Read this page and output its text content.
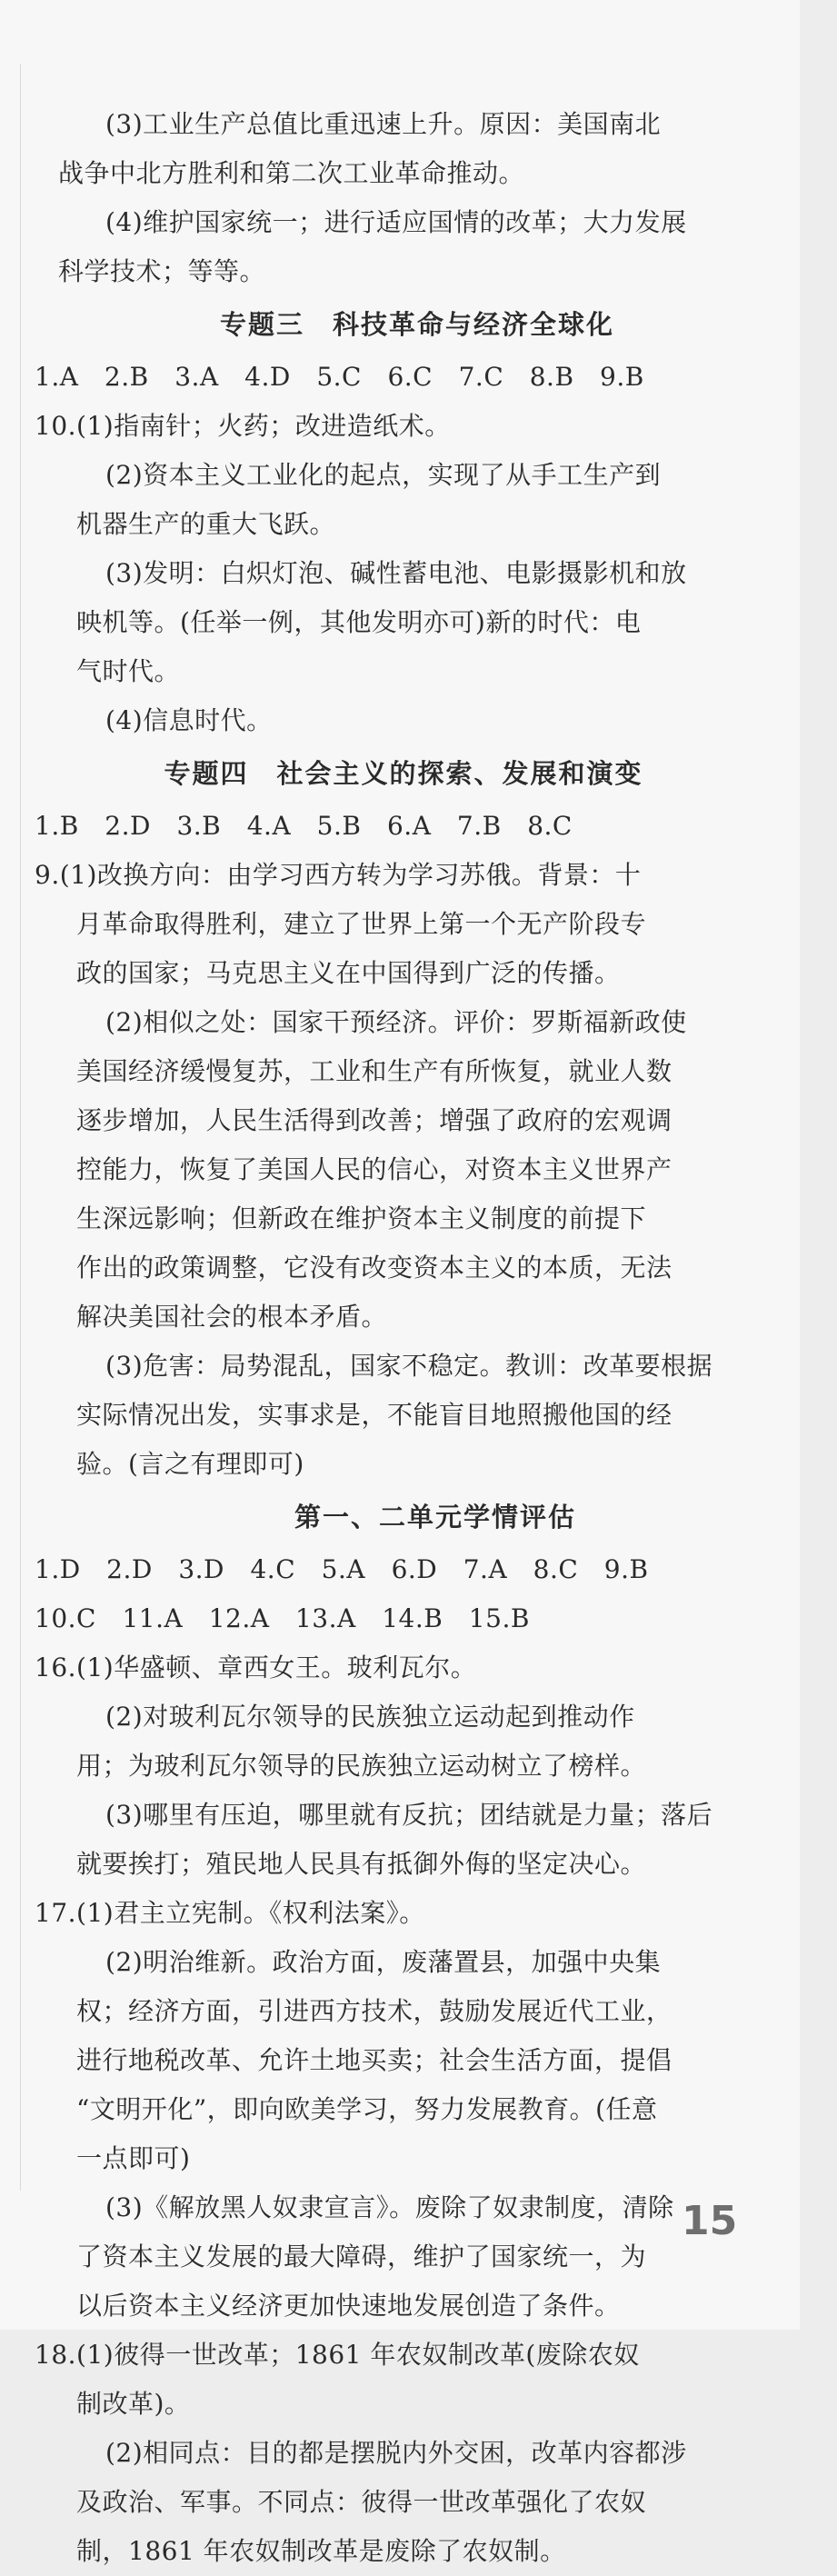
(3)工业生产总值比重迅速上升。原因：美国南北
战争中北方胜利和第二次工业革命推动。
(4)维护国家统一；进行适应国情的改革；大力发展
科学技术；等等。
专题三　科技革命与经济全球化
1.A　2.B　3.A　4.D　5.C　6.C　7.C　8.B　9.B
10.(1)指南针；火药；改进造纸术。
(2)资本主义工业化的起点，实现了从手工生产到
机器生产的重大飞跃。
(3)发明：白炽灯泡、碱性蓄电池、电影摄影机和放
映机等。(任举一例，其他发明亦可)新的时代：电
气时代。
(4)信息时代。
专题四　社会主义的探索、发展和演变
1.B　2.D　3.B　4.A　5.B　6.A　7.B　8.C
9.(1)改换方向：由学习西方转为学习苏俄。背景：十
月革命取得胜利，建立了世界上第一个无产阶段专
政的国家；马克思主义在中国得到广泛的传播。
(2)相似之处：国家干预经济。评价：罗斯福新政使
美国经济缓慢复苏，工业和生产有所恢复，就业人数
逐步增加，人民生活得到改善；增强了政府的宏观调
控能力，恢复了美国人民的信心，对资本主义世界产
生深远影响；但新政在维护资本主义制度的前提下
作出的政策调整，它没有改变资本主义的本质，无法
解决美国社会的根本矛盾。
(3)危害：局势混乱，国家不稳定。教训：改革要根据
实际情况出发，实事求是，不能盲目地照搬他国的经
验。(言之有理即可)
第一、二单元学情评估
1.D　2.D　3.D　4.C　5.A　6.D　7.A　8.C　9.B
10.C　11.A　12.A　13.A　14.B　15.B
16.(1)华盛顿、章西女王。玻利瓦尔。
(2)对玻利瓦尔领导的民族独立运动起到推动作
用；为玻利瓦尔领导的民族独立运动树立了榜样。
(3)哪里有压迫，哪里就有反抗；团结就是力量；落后
就要挨打；殖民地人民具有抵御外侮的坚定决心。
17.(1)君主立宪制。《权利法案》。
(2)明治维新。政治方面，废藩置县，加强中央集
权；经济方面，引进西方技术，鼓励发展近代工业，
进行地税改革、允许土地买卖；社会生活方面，提倡
“文明开化”，即向欧美学习，努力发展教育。(任意
一点即可)
(3)《解放黑人奴隶宣言》。废除了奴隶制度，清除
了资本主义发展的最大障碍，维护了国家统一，为
以后资本主义经济更加快速地发展创造了条件。
18.(1)彼得一世改革；1861 年农奴制改革(废除农奴
制改革)。
(2)相同点：目的都是摆脱内外交困，改革内容都涉
及政治、军事。不同点：彼得一世改革强化了农奴
制，1861 年农奴制改革是废除了农奴制。
15
